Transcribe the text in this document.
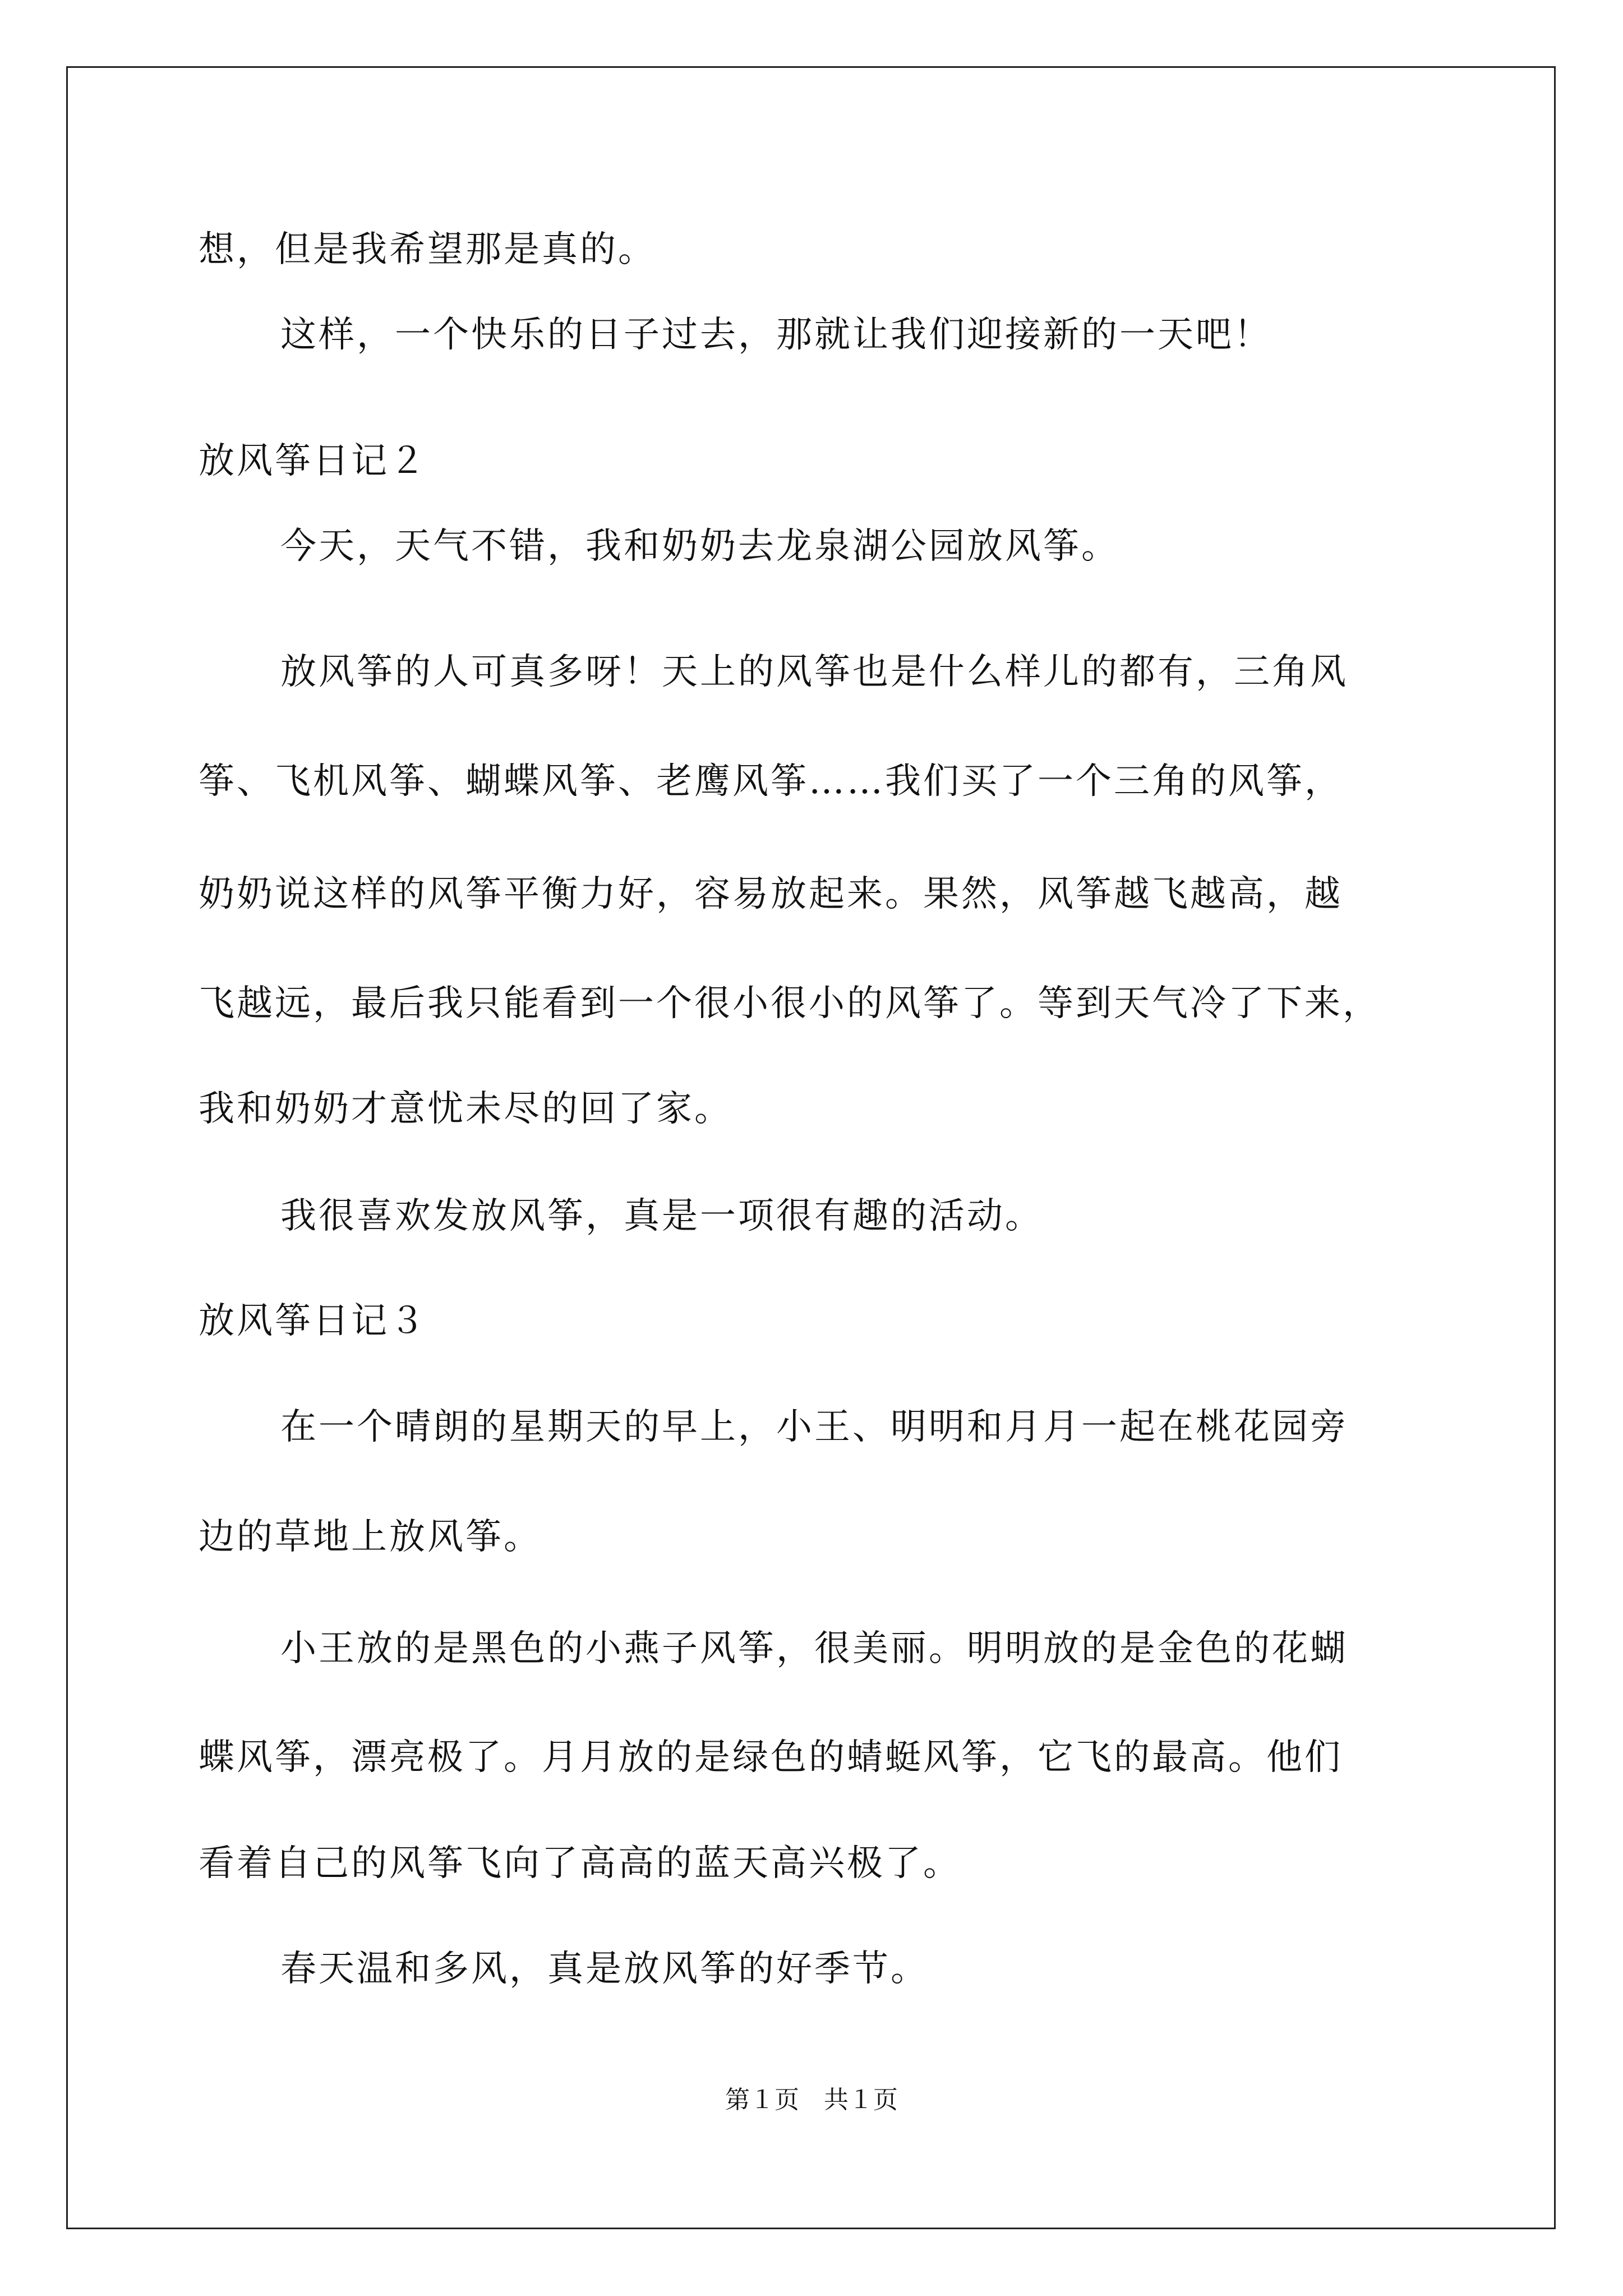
想，但是我希望那是真的。

这样，一个快乐的日子过去，那就让我们迎接新的一天吧！

放风筝日记２

今天，天气不错，我和奶奶去龙泉湖公园放风筝。

放风筝的人可真多呀！天上的风筝也是什么样儿的都有，三角风

筝、飞机风筝、蝴蝶风筝、老鹰风筝……我们买了一个三角的风筝，

奶奶说这样的风筝平衡力好，容易放起来。果然，风筝越飞越高，越

飞越远，最后我只能看到一个很小很小的风筝了。等到天气冷了下来，

我和奶奶才意忧未尽的回了家。

我很喜欢发放风筝，真是一项很有趣的活动。

放风筝日记３

在一个晴朗的星期天的早上，小王、明明和月月一起在桃花园旁

边的草地上放风筝。

小王放的是黑色的小燕子风筝，很美丽。明明放的是金色的花蝴

蝶风筝，漂亮极了。月月放的是绿色的蜻蜓风筝，它飞的最高。他们

看着自己的风筝飞向了高高的蓝天高兴极了。

春天温和多风，真是放风筝的好季节。

第１页　共１页
